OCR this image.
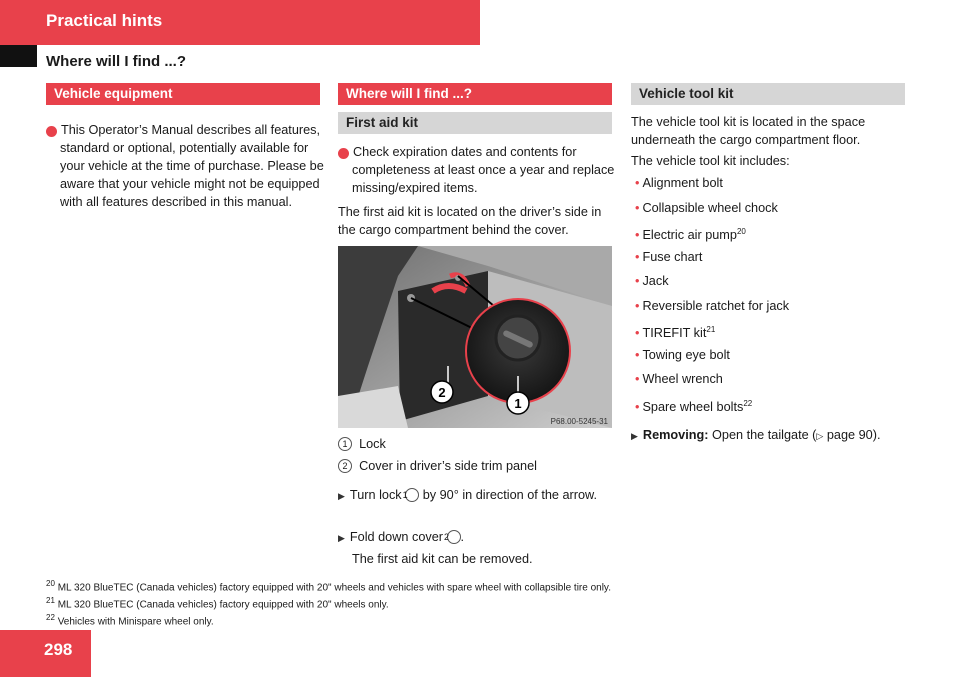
Practical hints
Where will I find ...?
Vehicle equipment
i This Operator’s Manual describes all features, standard or optional, potentially available for your vehicle at the time of purchase. Please be aware that your vehicle might not be equipped with all features described in this manual.
Where will I find ...?
First aid kit
i Check expiration dates and contents for completeness at least once a year and replace missing/expired items.
The first aid kit is located on the driver’s side in the cargo compartment behind the cover.
2
1
P68.00-5245-31
1 Lock
2 Cover in driver’s side trim panel
▶ Turn lock 1 by 90° in direction of the arrow.
▶ Fold down cover 2 .
The first aid kit can be removed.
Vehicle tool kit
The vehicle tool kit is located in the space underneath the cargo compartment floor.
The vehicle tool kit includes:
• Alignment bolt
• Collapsible wheel chock
• Electric air pump$^{20}$
• Fuse chart
• Jack
• Reversible ratchet for jack
• TIREFIT kit$^{21}$
• Towing eye bolt
• Wheel wrench
• Spare wheel bolts$^{22}$
▶ Removing: Open the tailgate (▷ page 90).
$^{20}$ ML 320 BlueTEC (Canada vehicles) factory equipped with 20" wheels and vehicles with spare wheel with collapsible tire only.
$^{21}$ ML 320 BlueTEC (Canada vehicles) factory equipped with 20" wheels only.
$^{22}$ Vehicles with Minispare wheel only.
298
